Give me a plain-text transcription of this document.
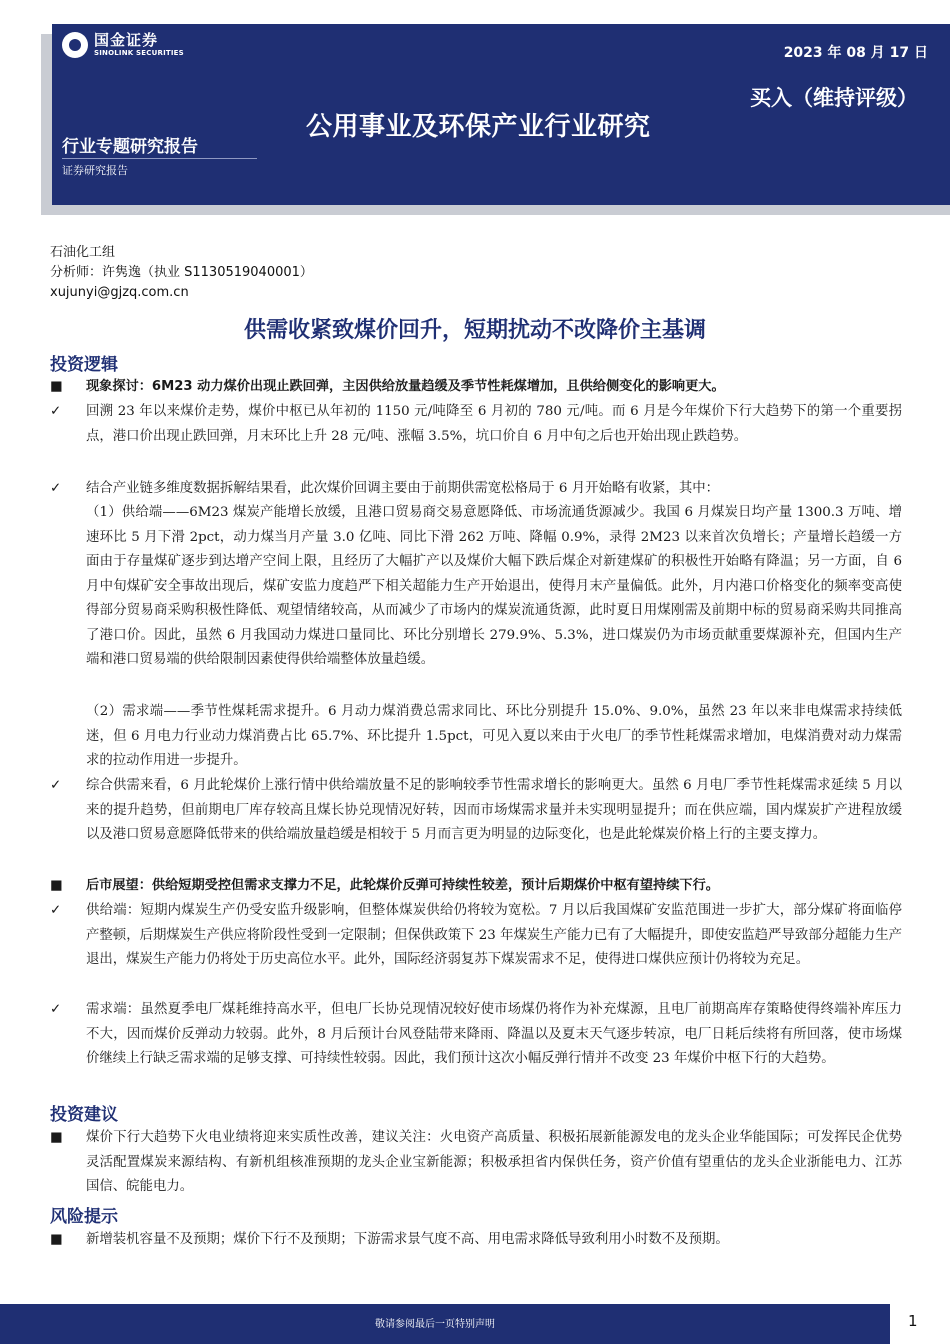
国金证券
SINOLINK SECURITIES	2023 年 08 月 17 日
买入（维持评级）
公用事业及环保产业行业研究
行业专题研究报告
证券研究报告
石油化工组
分析师：许隽逸（执业 S1130519040001）
xujunyi@gjzq.com.cn
供需收紧致煤价回升，短期扰动不改降价主基调
投资逻辑
■	现象探讨：6M23 动力煤价出现止跌回弹，主因供给放量趋缓及季节性耗煤增加，且供给侧变化的影响更大。
✓	回溯 23 年以来煤价走势，煤价中枢已从年初的 1150 元/吨降至 6 月初的 780 元/吨。而 6 月是今年煤价下行大趋势下的第一个重要拐点，港口价出现止跌回弹，月末环比上升 28 元/吨、涨幅 3.5%，坑口价自 6 月中旬之后也开始出现止跌趋势。
✓	结合产业链多维度数据拆解结果看，此次煤价回调主要由于前期供需宽松格局于 6 月开始略有收紧，其中：
（1）供给端——6M23 煤炭产能增长放缓，且港口贸易商交易意愿降低、市场流通货源减少。我国 6 月煤炭日均产量 1300.3 万吨、增速环比 5 月下滑 2pct，动力煤当月产量 3.0 亿吨、同比下滑 262 万吨、降幅 0.9%，录得 2M23 以来首次负增长；产量增长趋缓一方面由于存量煤矿逐步到达增产空间上限，且经历了大幅扩产以及煤价大幅下跌后煤企对新建煤矿的积极性开始略有降温；另一方面，自 6 月中旬煤矿安全事故出现后，煤矿安监力度趋严下相关超能力生产开始退出，使得月末产量偏低。此外，月内港口价格变化的频率变高使得部分贸易商采购积极性降低、观望情绪较高，从而减少了市场内的煤炭流通货源，此时夏日用煤刚需及前期中标的贸易商采购共同推高了港口价。因此，虽然 6 月我国动力煤进口量同比、环比分别增长 279.9%、5.3%，进口煤炭仍为市场贡献重要煤源补充，但国内生产端和港口贸易端的供给限制因素使得供给端整体放量趋缓。
（2）需求端——季节性煤耗需求提升。6 月动力煤消费总需求同比、环比分别提升 15.0%、9.0%，虽然 23 年以来非电煤需求持续低迷，但 6 月电力行业动力煤消费占比 65.7%、环比提升 1.5pct，可见入夏以来由于火电厂的季节性耗煤需求增加，电煤消费对动力煤需求的拉动作用进一步提升。
✓	综合供需来看，6 月此轮煤价上涨行情中供给端放量不足的影响较季节性需求增长的影响更大。虽然 6 月电厂季节性耗煤需求延续 5 月以来的提升趋势，但前期电厂库存较高且煤长协兑现情况好转，因而市场煤需求量并未实现明显提升；而在供应端，国内煤炭扩产进程放缓以及港口贸易意愿降低带来的供给端放量趋缓是相较于 5 月而言更为明显的边际变化，也是此轮煤炭价格上行的主要支撑力。
■	后市展望：供给短期受控但需求支撑力不足，此轮煤价反弹可持续性较差，预计后期煤价中枢有望持续下行。
✓	供给端：短期内煤炭生产仍受安监升级影响，但整体煤炭供给仍将较为宽松。7 月以后我国煤矿安监范围进一步扩大，部分煤矿将面临停产整顿，后期煤炭生产供应将阶段性受到一定限制；但保供政策下 23 年煤炭生产能力已有了大幅提升，即使安监趋严导致部分超能力生产退出，煤炭生产能力仍将处于历史高位水平。此外，国际经济弱复苏下煤炭需求不足，使得进口煤供应预计仍将较为充足。
✓	需求端：虽然夏季电厂煤耗维持高水平，但电厂长协兑现情况较好使市场煤仍将作为补充煤源，且电厂前期高库存策略使得终端补库压力不大，因而煤价反弹动力较弱。此外，8 月后预计台风登陆带来降雨、降温以及夏末天气逐步转凉，电厂日耗后续将有所回落，使市场煤价继续上行缺乏需求端的足够支撑、可持续性较弱。因此，我们预计这次小幅反弹行情并不改变 23 年煤价中枢下行的大趋势。
投资建议
■	煤价下行大趋势下火电业绩将迎来实质性改善，建议关注：火电资产高质量、积极拓展新能源发电的龙头企业华能国际；可发挥民企优势灵活配置煤炭来源结构、有新机组核准预期的龙头企业宝新能源；积极承担省内保供任务，资产价值有望重估的龙头企业浙能电力、江苏国信、皖能电力。
风险提示
■	新增装机容量不及预期；煤价下行不及预期；下游需求景气度不高、用电需求降低导致利用小时数不及预期。
敬请参阅最后一页特别声明	1
